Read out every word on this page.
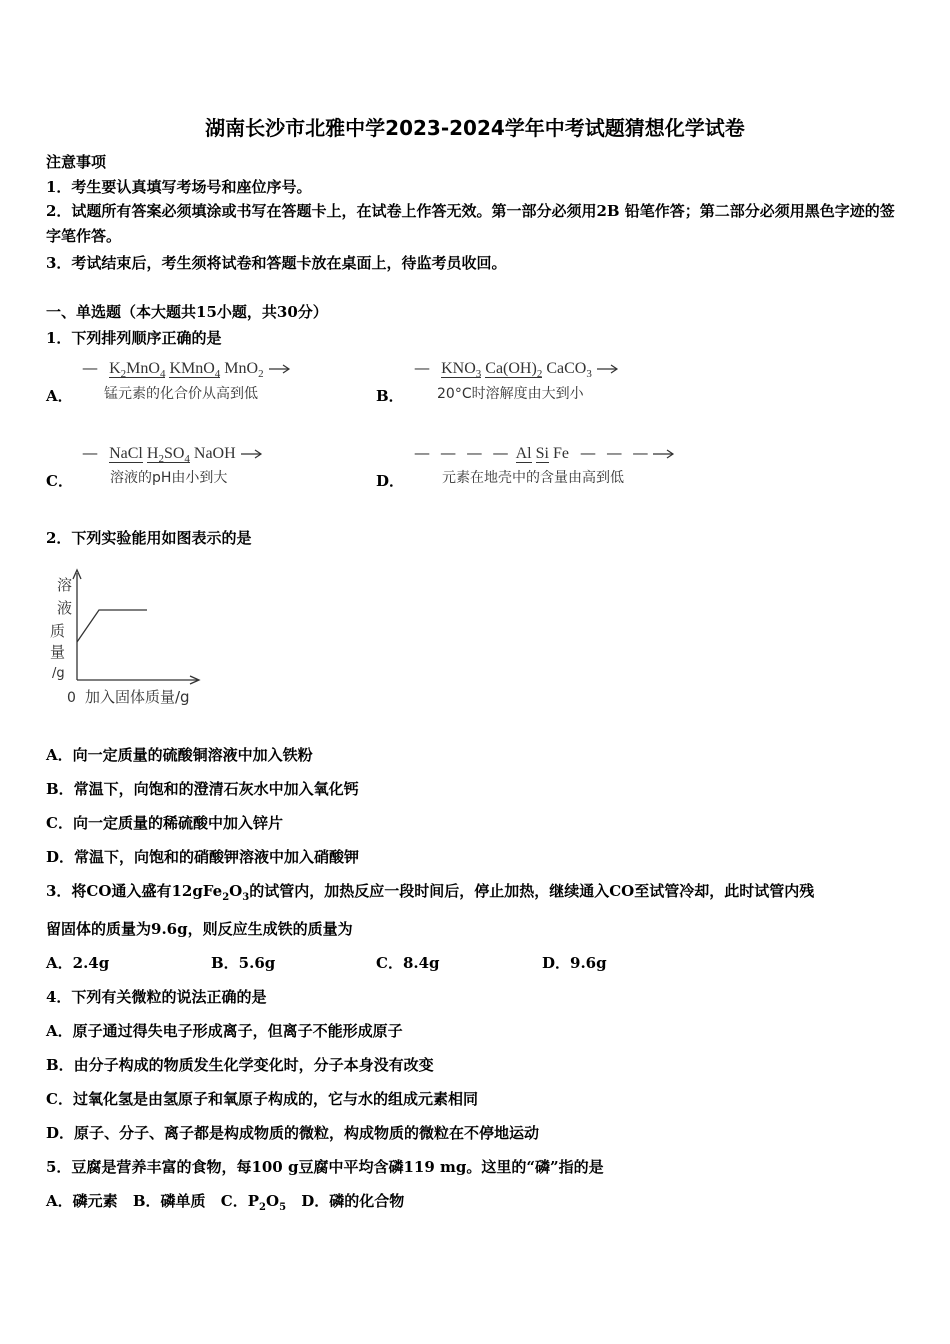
湖南长沙市北雅中学2023-2024学年中考试题猜想化学试卷
注意事项
1．考生要认真填写考场号和座位序号。
2．试题所有答案必须填涂或书写在答题卡上，在试卷上作答无效。第一部分必须用2B 铅笔作答；第二部分必须用黑色字迹的签字笔作答。
3．考试结束后，考生须将试卷和答题卡放在桌面上，待监考员收回。
一、单选题（本大题共15小题，共30分）
1．下列排列顺序正确的是
A．
— $K_2MnO_4$ KMnO$_4$ MnO$_2$
锰元素的化合价从高到低	B．
— $KNO_3$ $Ca(OH)_2$ CaCO$_3$
20°C时溶解度由大到小
C．
— NaCl $H_2SO_4$ NaOH
溶液的pH由小到大	D．
—  —  —  — Al Si Fe —  —  —
元素在地壳中的含量由高到低
2．下列实验能用如图表示的是
溶
液
质
量
/g
0 加入固体质量/g
A．向一定质量的硫酸铜溶液中加入铁粉
B．常温下，向饱和的澄清石灰水中加入氧化钙
C．向一定质量的稀硫酸中加入锌片
D．常温下，向饱和的硝酸钾溶液中加入硝酸钾
3．将CO通入盛有$12gFe_2O_3$的试管内，加热反应一段时间后，停止加热，继续通入CO至试管冷却，此时试管内残
留固体的质量为9.6g，则反应生成铁的质量为
A．2.4g	B．5.6g	C．8.4g	D．9.6g
4．下列有关微粒的说法正确的是
A．原子通过得失电子形成离子，但离子不能形成原子
B．由分子构成的物质发生化学变化时，分子本身没有改变
C．过氧化氢是由氢原子和氧原子构成的，它与水的组成元素相同
D．原子、分子、离子都是构成物质的微粒，构成物质的微粒在不停地运动
5．豆腐是营养丰富的食物，每100 g豆腐中平均含磷119 mg。这里的“磷”指的是
A．磷元素 B．磷单质 C．$P_2O_5$ D．磷的化合物
